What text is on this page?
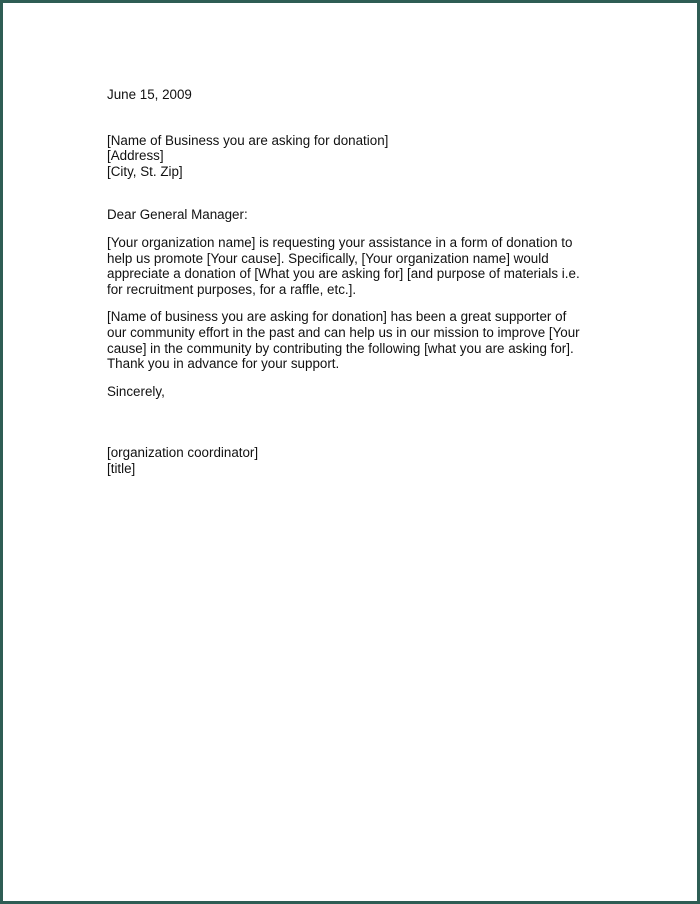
June 15, 2009
[Name of Business you are asking for donation]
[Address]
[City, St. Zip]
Dear General Manager:
[Your organization name] is requesting your assistance in a form of donation to
help us promote [Your cause]. Specifically, [Your organization name] would
appreciate a donation of [What you are asking for] [and purpose of materials i.e.
for recruitment purposes, for a raffle, etc.].
[Name of business you are asking for donation] has been a great supporter of
our community effort in the past and can help us in our mission to improve [Your
cause] in the community by contributing the following [what you are asking for].
Thank you in advance for your support.
Sincerely,
[organization coordinator]
[title]
